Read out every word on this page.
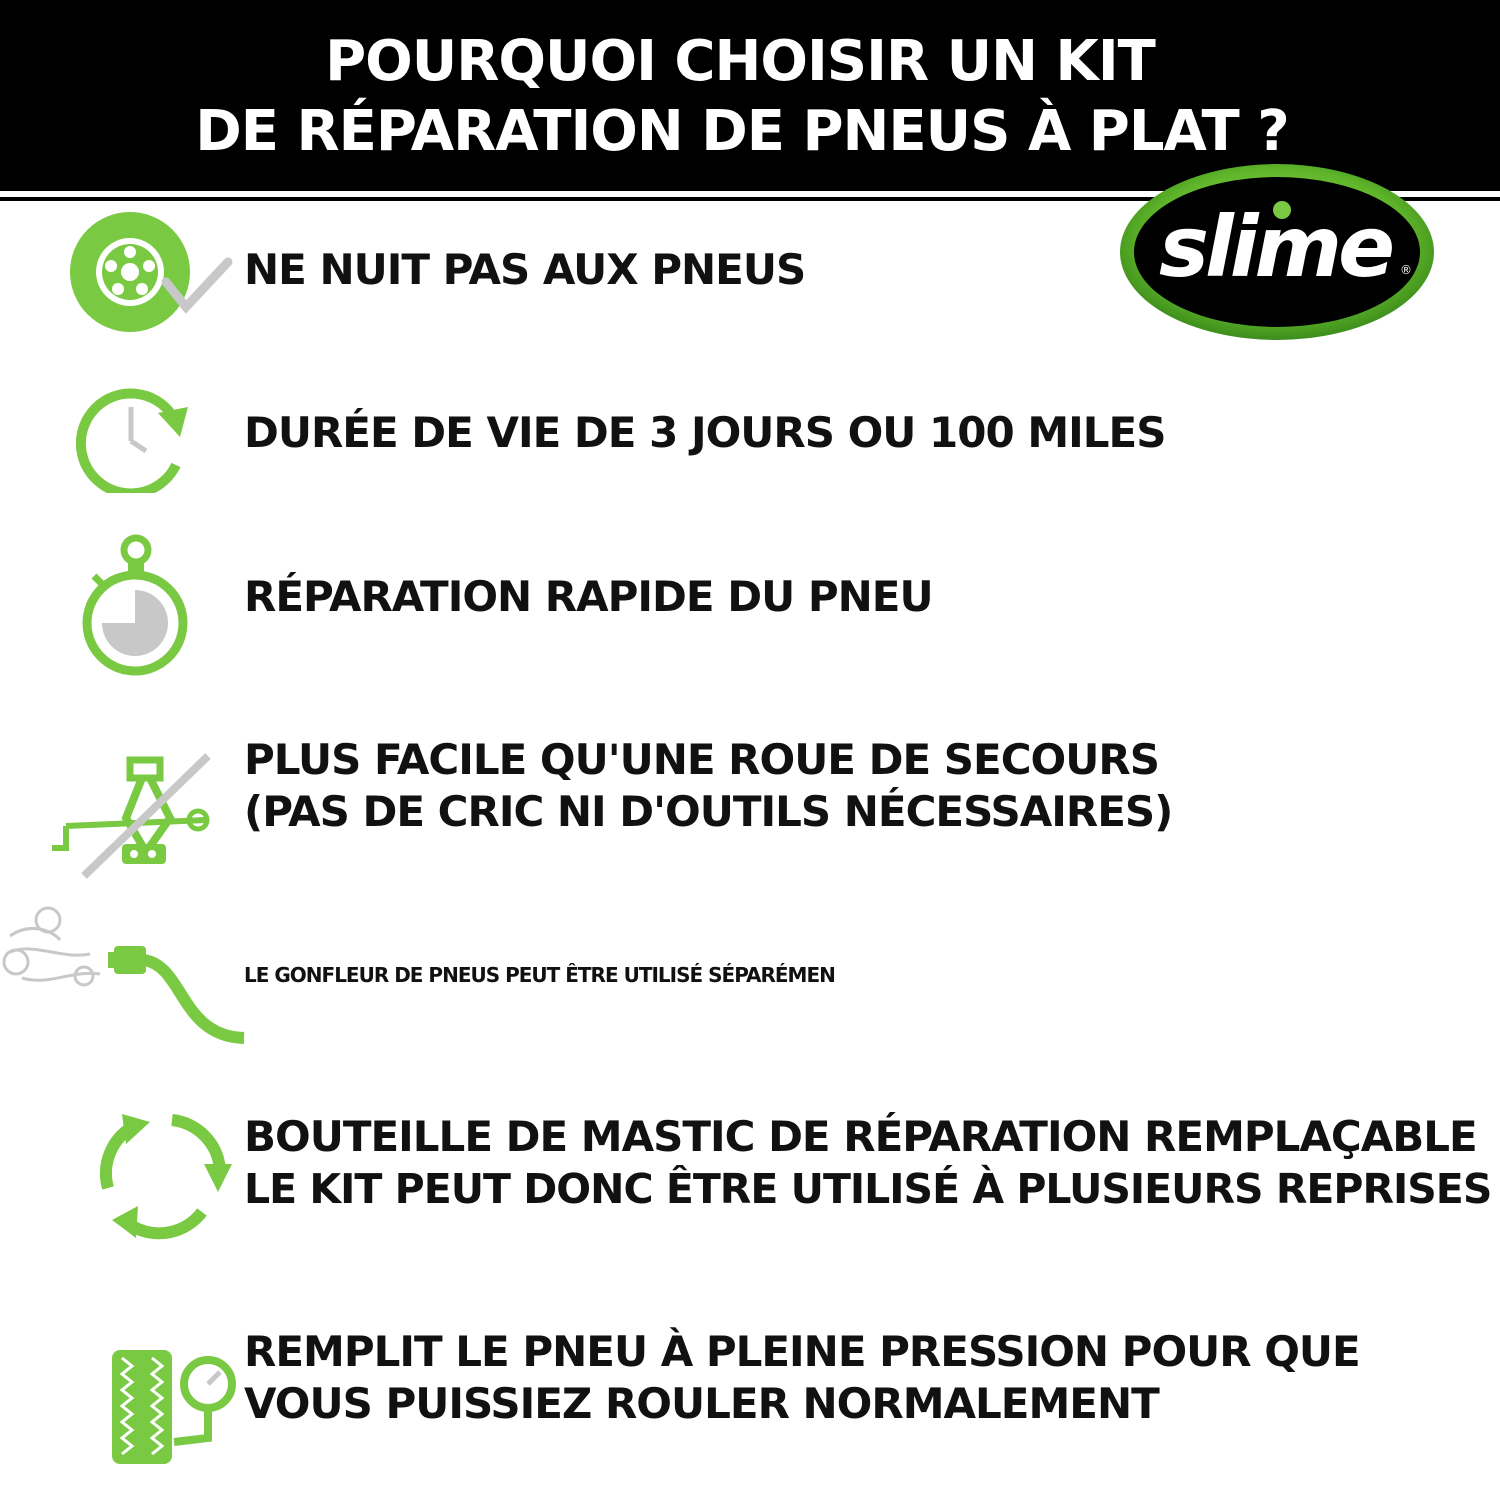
POURQUOI CHOISIR UN KIT
DE RÉPARATION DE PNEUS À PLAT ?
slime ®
NE NUIT PAS AUX PNEUS
DURÉE DE VIE DE 3 JOURS OU 100 MILES
RÉPARATION RAPIDE DU PNEU
PLUS FACILE QU'UNE ROUE DE SECOURS
(PAS DE CRIC NI D'OUTILS NÉCESSAIRES)
LE GONFLEUR DE PNEUS PEUT ÊTRE UTILISÉ SÉPARÉMEN
BOUTEILLE DE MASTIC DE RÉPARATION REMPLAÇABLE
LE KIT PEUT DONC ÊTRE UTILISÉ À PLUSIEURS REPRISES
REMPLIT LE PNEU À PLEINE PRESSION POUR QUE
VOUS PUISSIEZ ROULER NORMALEMENT
